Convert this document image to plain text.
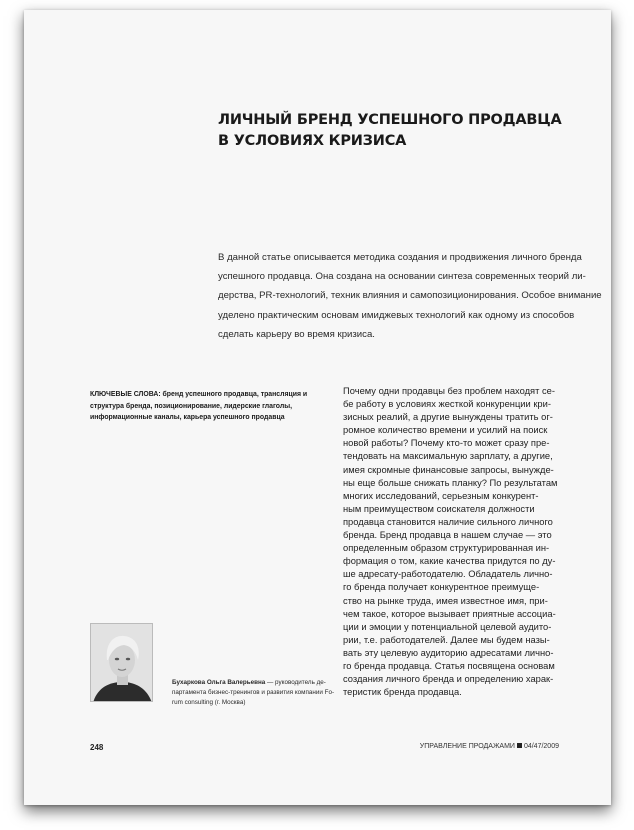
ЛИЧНЫЙ БРЕНД УСПЕШНОГО ПРОДАВЦА
В УСЛОВИЯХ КРИЗИСА
В данной статье описывается методика создания и продвижения личного бренда
успешного продавца. Она создана на основании синтеза современных теорий ли-
дерства, PR-технологий, техник влияния и самопозиционирования. Особое внимание
уделено практическим основам имиджевых технологий как одному из способов
сделать карьеру во время кризиса.
КЛЮЧЕВЫЕ СЛОВА: бренд успешного продавца, трансляция и
структура бренда, позиционирование, лидерские глаголы,
информационные каналы, карьера успешного продавца
Почему одни продавцы без проблем находят се-
бе работу в условиях жесткой конкуренции кри-
зисных реалий, а другие вынуждены тратить ог-
ромное количество времени и усилий на поиск
новой работы? Почему кто-то может сразу пре-
тендовать на максимальную зарплату, а другие,
имея скромные финансовые запросы, вынужде-
ны еще больше снижать планку? По результатам
многих исследований, серьезным конкурент-
ным преимуществом соискателя должности
продавца становится наличие сильного личного
бренда. Бренд продавца в нашем случае — это
определенным образом структурированная ин-
формация о том, какие качества придутся по ду-
ше адресату-работодателю. Обладатель лично-
го бренда получает конкурентное преимуще-
ство на рынке труда, имея известное имя, при-
чем такое, которое вызывает приятные ассоциа-
ции и эмоции у потенциальной целевой аудито-
рии, т.е. работодателей. Далее мы будем назы-
вать эту целевую аудиторию адресатами лично-
го бренда продавца. Статья посвящена основам
создания личного бренда и определению харак-
теристик бренда продавца.
Бухаркова Ольга Валерьевна — руководитель де-
партамента бизнес-тренингов и развития компании Fo-
rum consulting (г. Москва)
248	УПРАВЛЕНИЕ ПРОДАЖАМИ 04/47/2009
